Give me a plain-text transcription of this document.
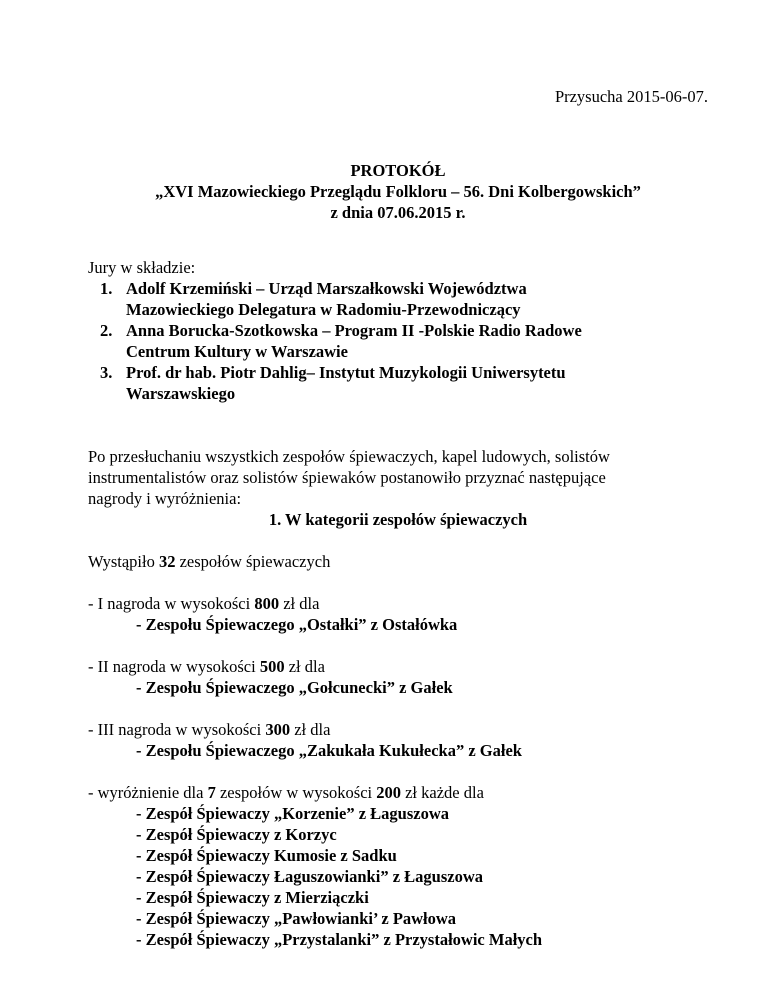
Przysucha 2015-06-07.
PROTOKÓŁ
„XVI Mazowieckiego Przeglądu Folkloru – 56. Dni Kolbergowskich”
z dnia 07.06.2015 r.
Jury w składzie:
1. Adolf Krzemiński – Urząd Marszałkowski Województwa
Mazowieckiego Delegatura w Radomiu-Przewodniczący
2. Anna Borucka-Szotkowska – Program II -Polskie Radio Radowe
Centrum Kultury w Warszawie
3. Prof. dr hab. Piotr Dahlig– Instytut Muzykologii Uniwersytetu
Warszawskiego
Po przesłuchaniu wszystkich zespołów śpiewaczych, kapel ludowych, solistów
instrumentalistów oraz solistów śpiewaków postanowiło przyznać następujące
nagrody i wyróżnienia:
1. W kategorii zespołów śpiewaczych
Wystąpiło 32 zespołów śpiewaczych
- I nagroda w wysokości 800 zł dla
- Zespołu Śpiewaczego „Ostałki” z Ostałówka
- II nagroda w wysokości 500 zł dla
- Zespołu Śpiewaczego „Gołcunecki” z Gałek
- III nagroda w wysokości 300 zł dla
- Zespołu Śpiewaczego „Zakukała Kukułecka” z Gałek
- wyróżnienie dla 7 zespołów w wysokości 200 zł każde dla
- Zespół Śpiewaczy „Korzenie” z Łaguszowa
- Zespół Śpiewaczy z Korzyc
- Zespół Śpiewaczy Kumosie z Sadku
- Zespół Śpiewaczy Łaguszowianki” z Łaguszowa
- Zespół Śpiewaczy z Mierziączki
- Zespół Śpiewaczy „Pawłowianki’ z Pawłowa
- Zespół Śpiewaczy „Przystalanki” z Przystałowic Małych
